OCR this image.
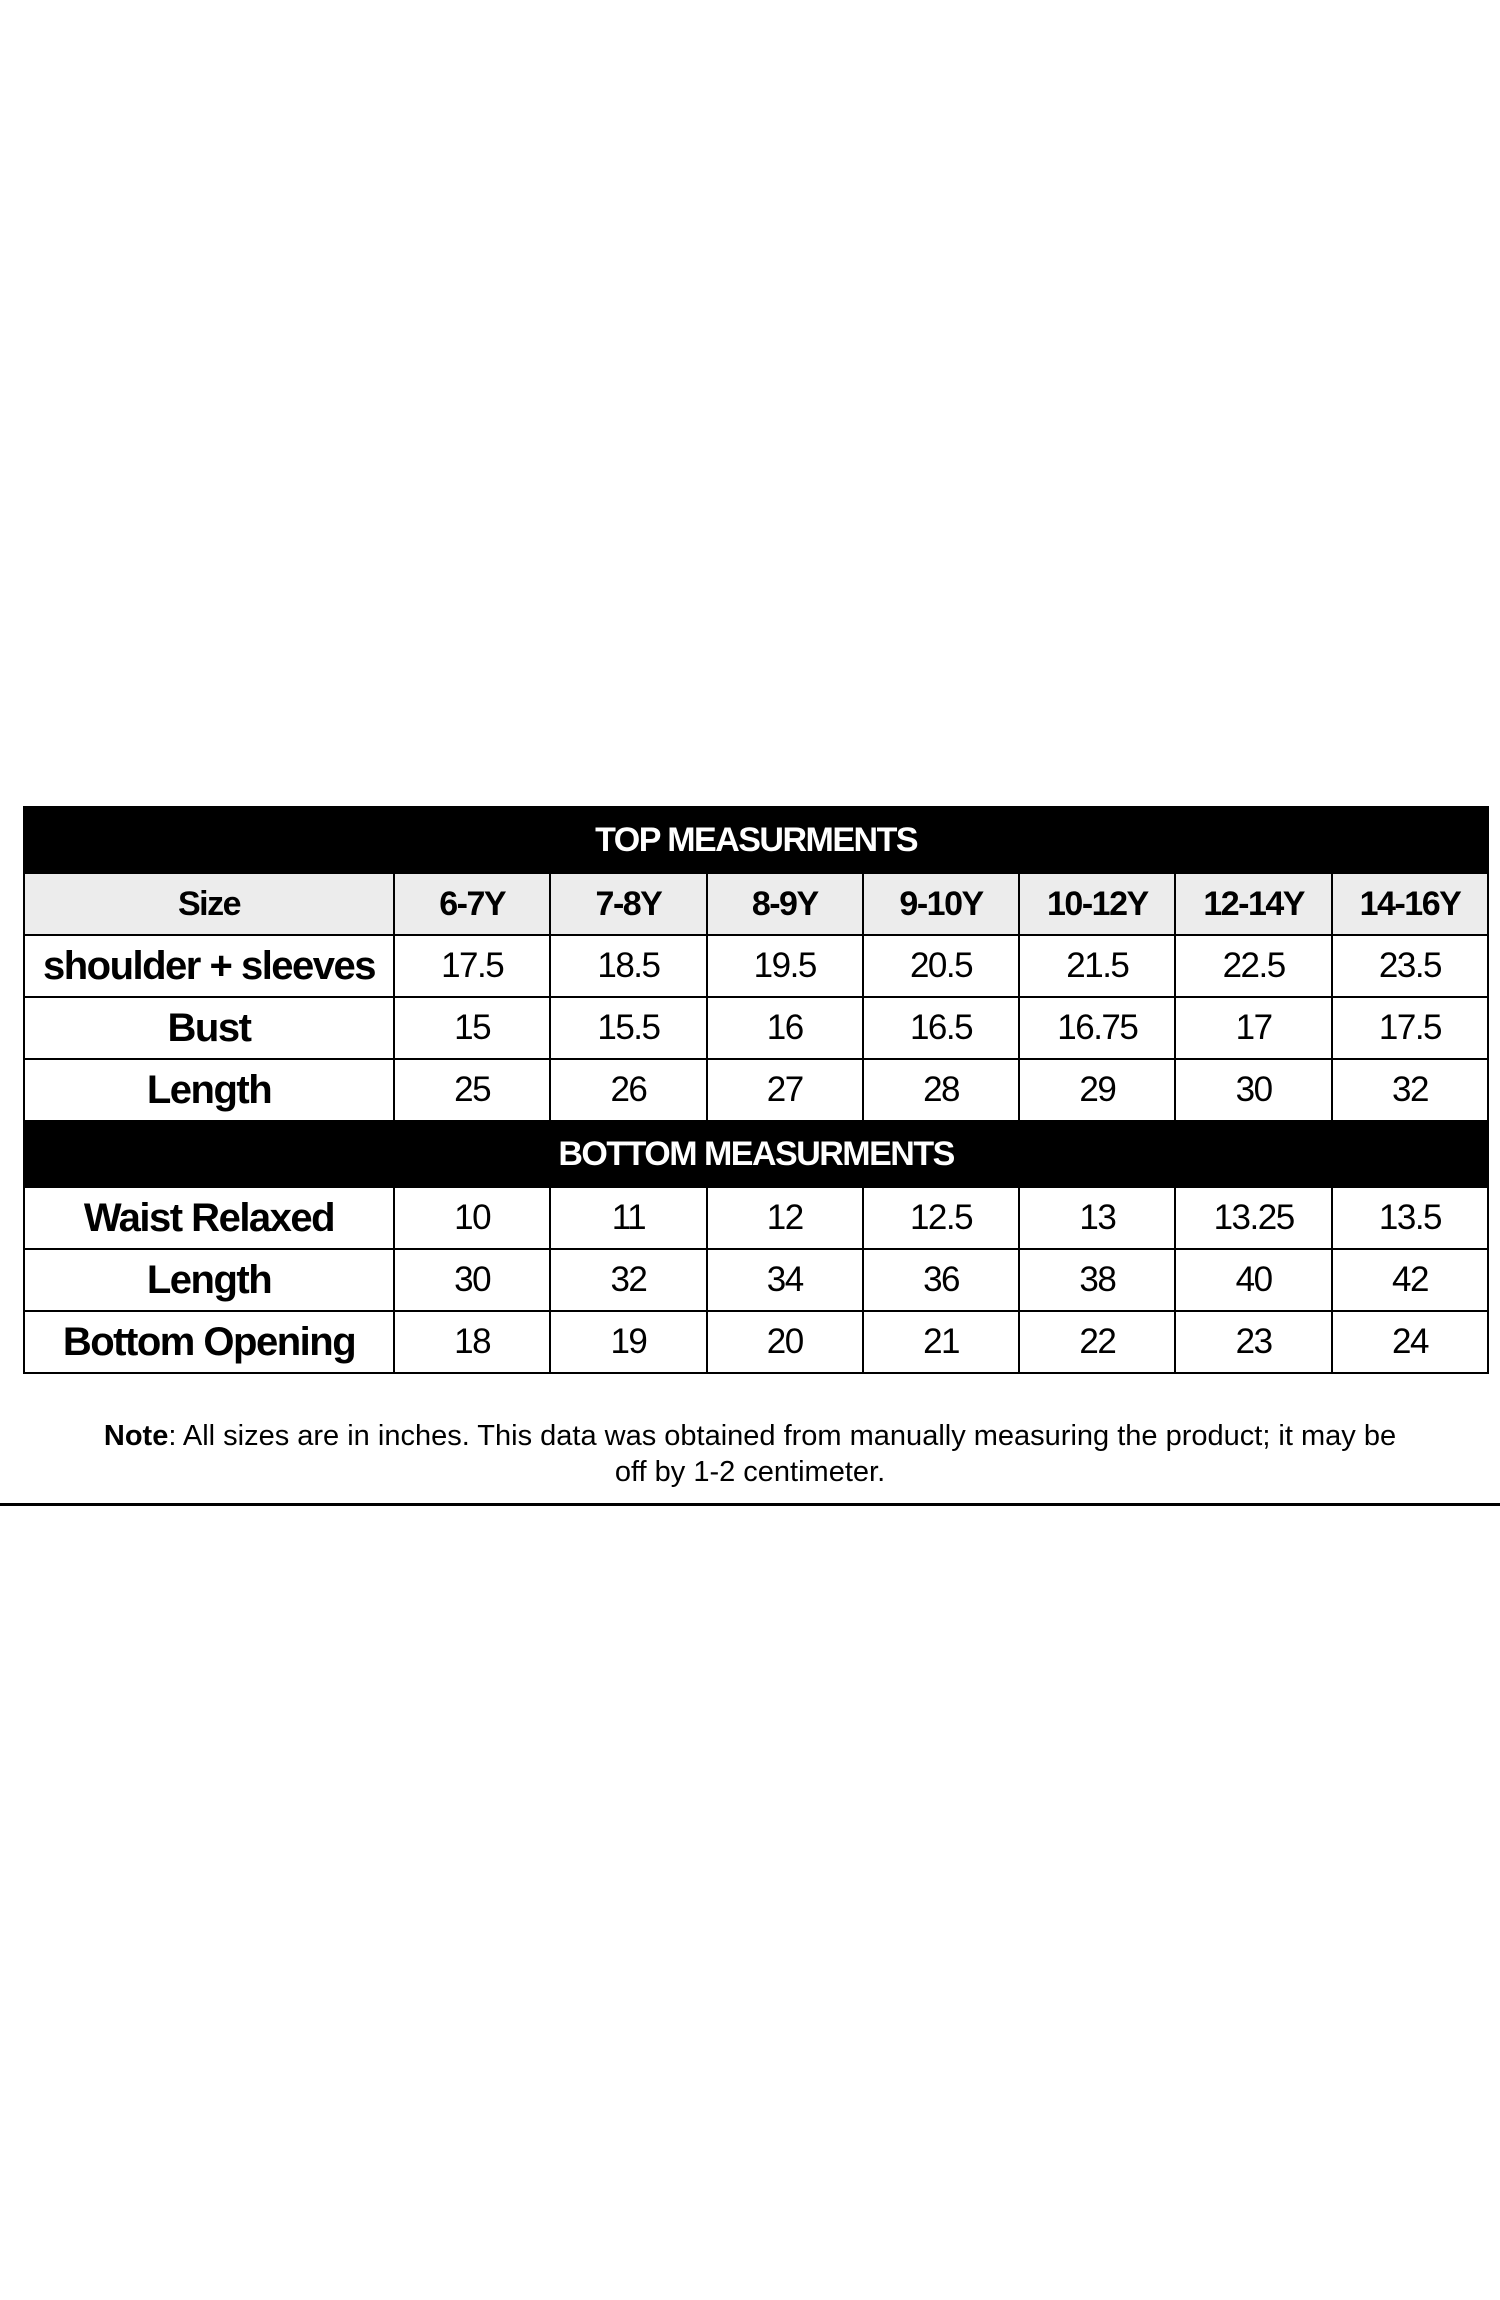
TOP MEASURMENTS							
Size	6-7Y	7-8Y	8-9Y	9-10Y	10-12Y	12-14Y	14-16Y
shoulder + sleeves	17.5	18.5	19.5	20.5	21.5	22.5	23.5
Bust	15	15.5	16	16.5	16.75	17	17.5
Length	25	26	27	28	29	30	32
BOTTOM MEASURMENTS							
Waist Relaxed	10	11	12	12.5	13	13.25	13.5
Length	30	32	34	36	38	40	42
Bottom Opening	18	19	20	21	22	23	24
Note: All sizes are in inches. This data was obtained from manually measuring the product; it may be off by 1-2 centimeter.
